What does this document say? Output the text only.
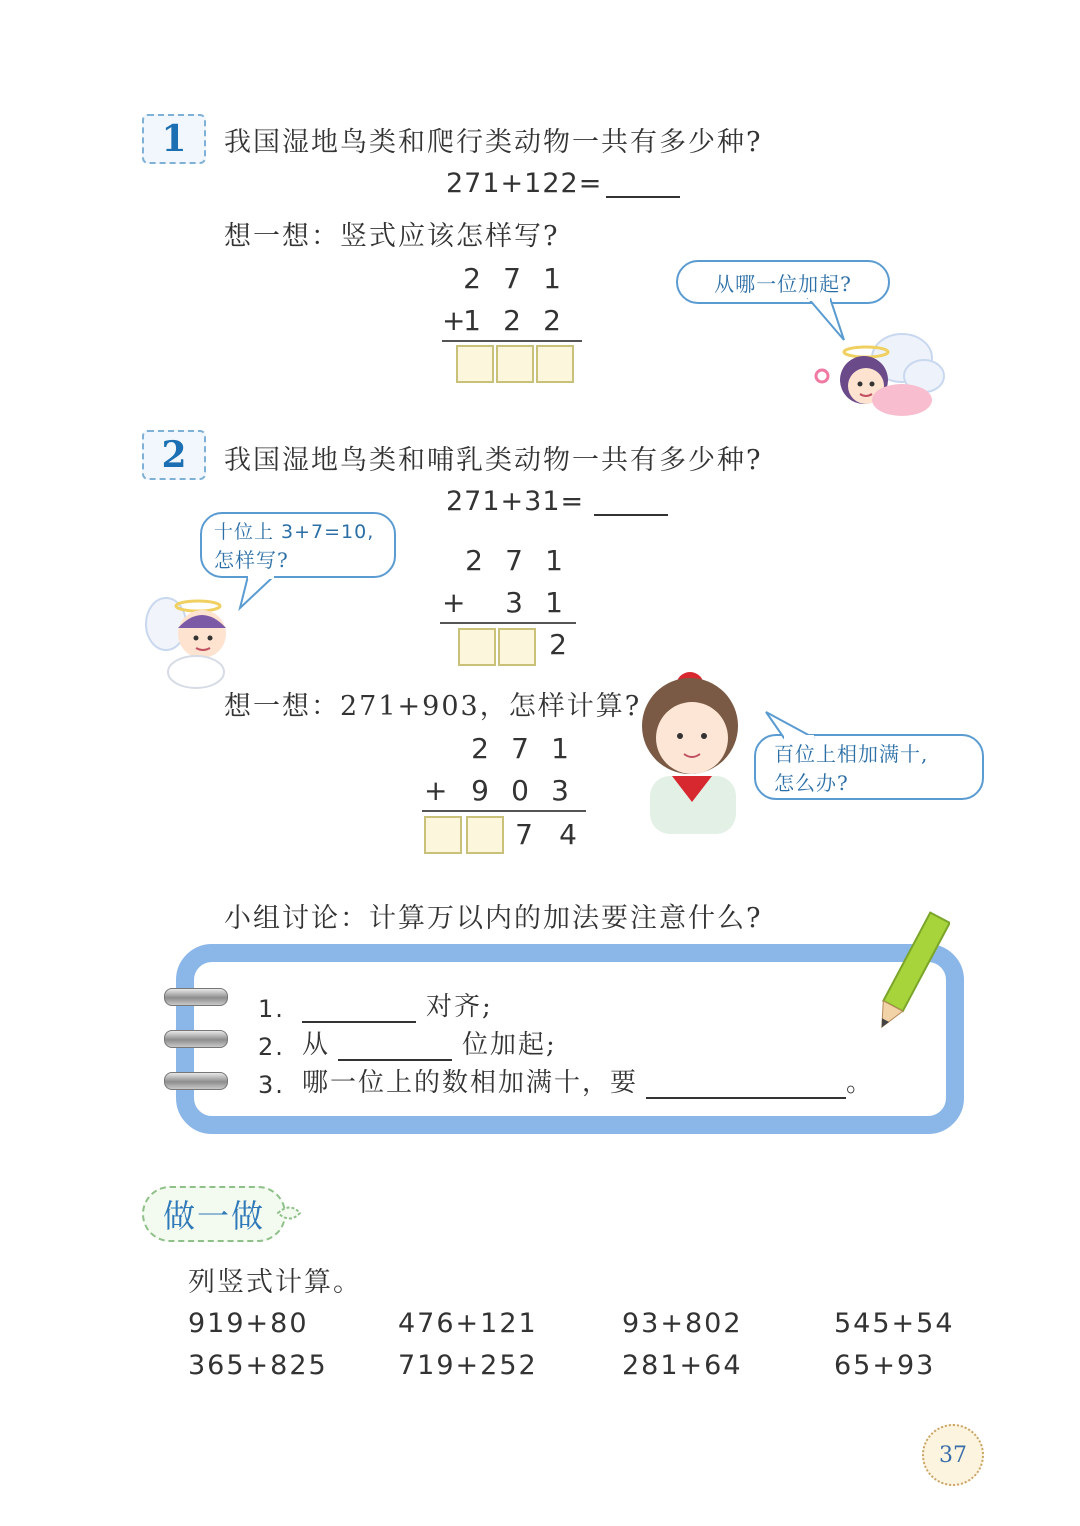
1	我国湿地鸟类和爬行类动物一共有多少种?
271+122=
想一想：竖式应该怎样写?
2 7 1
+
1 2 2
从哪一位加起?
2	我国湿地鸟类和哺乳类动物一共有多少种?
271+31=
十位上 3+7=10,
怎样写?	2 7 1
+	3 1
2
想一想：271+903，怎样计算?
2 7 1
+ 9 0 3
7 4
百位上相加满十,
怎么办?
小组讨论：计算万以内的加法要注意什么?
1.	对齐;
2. 从	位加起;
3. 哪一位上的数相加满十，要	。
做一做
列竖式计算。
919+80	476+121	93+802	545+54
365+825	719+252	281+64	65+93
37
